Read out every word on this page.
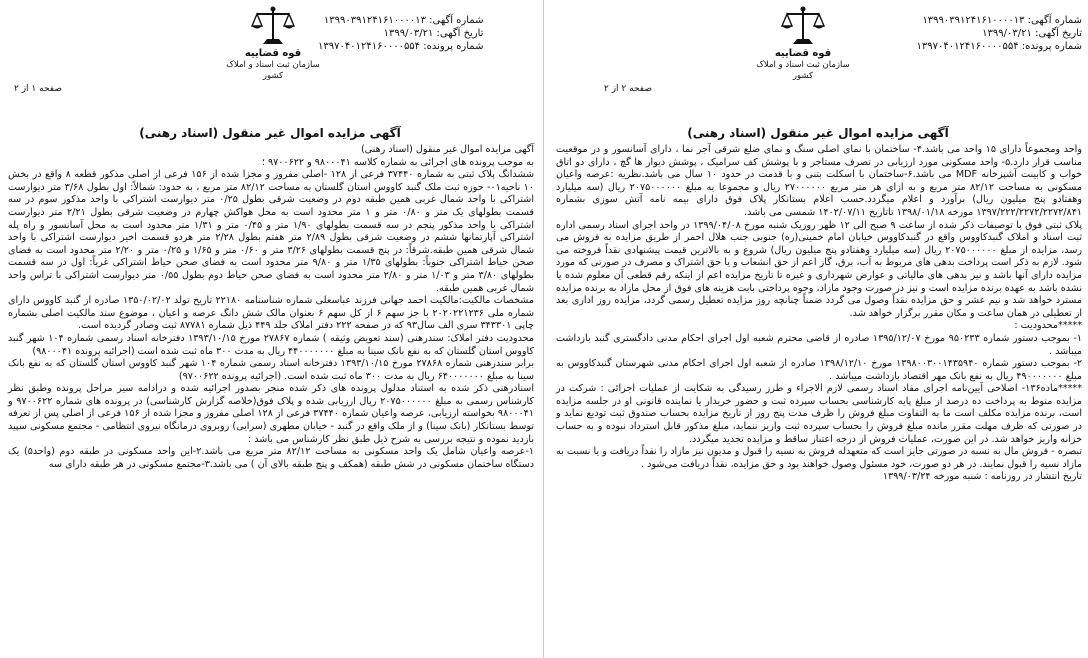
شماره آگهی: ۱۳۹۹۰۳۹۱۲۴۱۶۱۰۰۰۰۱۳
تاریخ آگهی: ۱۳۹۹/۰۳/۲۱
شماره پرونده: ۱۳۹۷۰۴۰۱۲۴۱۶۰۰۰۰۵۵۴
قوه قضاییه
سازمان ثبت اسناد و املاک کشور
صفحه ۲ از ۲
آگهی مزایده اموال غیر منقول (اسناد رهنی)

واحد ومجموعاً دارای ۱۵ واحد می باشد.۴- ساختمان با نمای اصلی سنگ و نمای ضلع شرقی آجر نما ، دارای آسانسور و در موقعیت مناسب قرار دارد.۵- واحد مسکونی مورد ارزیابی در تصرف مستاجر و با پوشش کف سرامیک ، پوشش دیوار ها گچ ، دارای دو اتاق خواب و کابینت آشپزخانه MDF می باشد.۶-ساختمان با اسکلت بتنی و با قدمت در حدود ۱۰ سال می باشد.نظریه :عرصه واعیان مسکونی به مساحت ۸۲/۱۲ متر مربع و به ازای هر متر مربع ۲۷۰۰۰۰۰۰ ریال و مجموعا به مبلغ ۲۰۷۵۰۰۰۰۰۰ ریال (سه میلیارد وهفتادو پنج میلیون ریال) برآورد و اعلام میگردد.حسب اعلام بستانکار پلاک فوق دارای بیمه نامه آتش سوزی بشماره ۱۳۹۷/۲۲۲/۲۲۷۲/۲۲۷۲/۸۴۱ مورخه ۱۳۹۸/۰۱/۱۸ تاتاریخ ۱۴۰۲/۰۷/۱۱ شمسی می باشد.

پلاک ثبتی فوق با توصیفات ذکر شده از ساعت ۹ صبح الی ۱۲ ظهر روزیک شنبه مورخ ۱۳۹۹/۰۴/۰۸ در واحد اجرای اسناد رسمی اداره ثبت اسناد و املاک گنبدکاووس واقع در گنبدکاووس خیابان امام خمینی(ره) جنوبی جنب هلال احمر از طریق مزایده به فروش می رسد، مزایده از مبلغ ۲۰۷۵۰۰۰۰۰۰ ریال (سه میلیارد وهفتادو پنج میلیون ریال) شروع و به بالاترین قیمت پیشنهادی نقداً فروخته می شود. لازم به ذکر است پرداخت بدهی های مربوط به آب، برق، گاز اعم از حق انشعاب و یا حق اشتراک و مصرف در صورتی که مورد مزایده دارای آنها باشد و نیز بدهی های مالیاتی و عوارض شهرداری و غیره تا تاریخ مزایده اعم از اینکه رقم قطعی آن معلوم شده یا نشده باشد به عهده برنده مزایده است و نیز در صورت وجود مازاد، وجوه پرداختی بابت هزینه های فوق از محل مازاد به برنده مزایده مسترد خواهد شد و نیم عشر و حق مزایده نقداً وصول می گردد ضمناً چنانچه روز مزایده تعطیل رسمی گردد، مزایده روز اداری بعد از تعطیلی در همان ساعت و مکان مقرر برگزار خواهد شد.

*****محدودیت :

۱- بموجب دستور شماره ۹۵۰۲۳۳ مورخ ۱۳۹۵/۱۲/۰۷ صادره از قاضی محترم شعبه اول اجرای احکام مدنی دادگستری گنبد بازداشت میباشد .

۲- بموجب دستور شماره ۱۳۹۸۰۰۳۰۰۱۴۳۵۹۴۰ مورخ ۱۳۹۸/۱۲/۱۰ صادره از شعبه اول اجرای احکام مدنی شهرستان گنبدکاووس به مبلغ ۴۹۰۰۰۰۰۰۰ ریال به نفع بانک مهر اقتصاد بازداشت میباشد .

*****ماده۱۳۶- اصلاحی آیین‌نامه اجرای مفاد اسناد رسمی لازم الاجراء و طرز رسیدگی به شکایت از عملیات اجرائی : شرکت در مزایده منوط به پرداخت ده درصد از مبلغ پایه کارشناسی بحساب سپرده ثبت و حضور خریدار یا نماینده قانونی او در جلسه مزایده است، برنده مزایده مکلف است ما به التفاوت مبلغ فروش را ظرف مدت پنج روز از تاریخ مزایده بحساب صندوق ثبت تودیع نماید و در صورتی که ظرف مهلت مقرر مانده مبلغ فروش را بحساب سپرده ثبت واریز ننماید، مبلغ مذکور قابل استرداد نبوده و به حساب خزانه واریز خواهد شد. در این صورت، عملیات فروش از درجه اعتبار ساقط و مزایده تجدید میگردد.

تبصره - فروش مال به نسبه در صورتی جایز است که متعهدله فروش به نسیه را قبول و مدیون نیز مازاد را نقداً دریافت و یا نسبت به مازاد نسیه را قبول نمایند. در هر دو صورت، خود مسئول وصول خواهند بود و حق مزایده، نقداً دریافت می‌شود .

تاریخ انتشار در روزنامه : شنبه مورخه ۱۳۹۹/۰۳/۲۴

شماره آگهی: ۱۳۹۹۰۳۹۱۲۴۱۶۱۰۰۰۰۱۳
تاریخ آگهی: ۱۳۹۹/۰۳/۲۱
شماره پرونده: ۱۳۹۷۰۴۰۱۲۴۱۶۰۰۰۰۵۵۴
قوه قضاییه
سازمان ثبت اسناد و املاک کشور
صفحه ۱ از ۲
آگهی مزایده اموال غیر منقول (اسناد رهنی)

آگهی مزایده اموال غیر منقول (اسناد رهنی)

به موجب پرونده های اجرائی به شماره کلاسه ۹۸۰۰۰۴۱ و ۹۷۰۰۶۲۲ ؛

ششدانگ پلاک ثبتی به شماره ۳۷۴۴۰ فرعی از ۱۲۸ -اصلی مفروز و مجزا شده از ۱۵۶ فرعی از اصلی مذکور قطعه ۸ واقع در بخش ۱۰ ناحیه۰۱- حوزه ثبت ملک گنبد کاووس استان گلستان به مساحت ۸۲/۱۲ متر مربع ، به حدود: شمالاً: اول بطول ۳/۶۸ متر دیوارست اشتراکی با واحد شمال غربی همین طبقه دوم در وضعیت شرقی بطول ۰/۲۵ متر دیوارست اشتراکی با واحد مذکور سوم در سه قسمت بطولهای یک متر و ۰/۸۰ متر و ۱ متر محدود است به محل هواکش چهارم در وضعیت شرقی بطول ۲/۲۱ متر دیوارست اشتراکی با واحد مذکور پنجم در سه قسمت بطولهای ۱/۹۰ متر و ۰/۴۵ متر و ۱/۳۱ متر محدود است به محل آسانسور و راه پله اشتراکی آپارتمانها ششم در وضعیت شرقی بطول ۲/۸۹ متر هفتم بطول ۲/۲۸ متر هردو قسمت اخیر دیوارست اشتراکی با واحد شمال شرقی همین طبقه.شرقاً: در پنج قسمت بطولهای ۳/۲۶ متر و ۰/۶۰ متر و ۱/۶۵ و ۰/۲۵ متر و ۲/۲۰ متر محدود است به فضای صحن حیاط اشتراکی جنوباً: بطولهای ۱/۳۵ متر و ۹/۸۰ متر محدود است به فضای صحن حیاط اشتراکی غرباً: اول در سه قسمت بطولهای ۳/۸۰ متر و ۱/۰۳ متر و ۲/۸۰ متر محدود است به فضای صحن حیاط دوم بطول ۰/۵۵ متر دیوارست اشتراکی با تراس واحد شمال غربی همین طبقه.

مشخصات مالکیت:مالکیت احمد جهانی فرزند عباسعلی شماره شناسنامه ۲۲۱۸۰ تاریخ تولد ۱۳۵۰/۰۲/۰۲ صادره از گنبد کاووس دارای شماره ملی ۲۰۲۰۲۲۱۲۳۶ با جز سهم ۶ از کل سهم ۶ بعنوان مالک شش دانگ عرصه و اعیان ، موضوع سند مالکیت اصلی بشماره چاپی ۳۴۳۳۰۱ سری الف سال۹۳ که در صفحه ۲۲۲ دفتر املاک جلد ۴۴۹ ذیل شماره ۸۷۷۸۱ ثبت وصادر گردیده است.

محدودیت دفتر املاک: سندرهنی (سند تعویض وثیقه ) شماره ۲۷۸۶۷ مورخ ۱۳۹۳/۱۰/۱۵ دفترخانه اسناد رسمی شماره ۱۰۴ شهر گنبد کاووس استان گلستان که به نفع بانک سینا به مبلغ ۴۴۰۰۰۰۰۰۰ ریال به مدت ۳۰۰ ماه ثبت شده است (اجرائیه پرونده ۹۸۰۰۰۴۱)

برابر سندرهنی شماره ۲۷۸۶۸ مورخ ۱۳۹۳/۱۰/۱۵ دفترخانه اسناد رسمی شماره ۱۰۴ شهر گنبد کاووس استان گلستان که به نفع بانک سینا به مبلغ ۶۴۰۰۰۰۰۰۰ ریال به مدت ۳۰۰ ماه ثبت شده است. (اجرائیه پرونده ۹۷۰۰۶۲۲)

اسنادرهنی ذکر شده به استناد مدلول پرونده های ذکر شده منجر بصدور اجرائیه شده و درادامه سیر مراحل پرونده وطبق نظر کارشناس رسمی به مبلغ ۲۰۷۵۰۰۰۰۰۰ ریال ارزیابی شده و پلاک فوق(خلاصه گزارش کارشناسی) در پرونده های شماره ۹۷۰۰۶۲۲ و ۹۸۰۰۰۴۱ بخواسته ارزیابی، عرصه واعیان شماره ۳۷۴۴۰ فرعی از ۱۲۸ اصلی مفروز و مجزا شده از ۱۵۶ فرعی از اصلی پس از تعرفه توسط بستانکار (بانک سینا) و از ملک واقع در گنبد - خیابان مطهری (سرایی) روبروی درمانگاه نیروی انتظامی - مجتمع مسکونی سپید بازدید نموده و نتیجه بررسی به شرح ذیل طبق نظر کارشناس می باشد :

۱-عرصه واعیان شامل یک واحد مسکونی به مساحت ۸۲/۱۲ متر مربع می باشد.۲-این واحد مسکونی در طبقه دوم (واحد۵) یک دستگاه ساختمان مسکونی در شش طبقه (همکف و پنج طبقه بالای آن ) می باشد.۳-مجتمع مسکونی در هر طبقه دارای سه
